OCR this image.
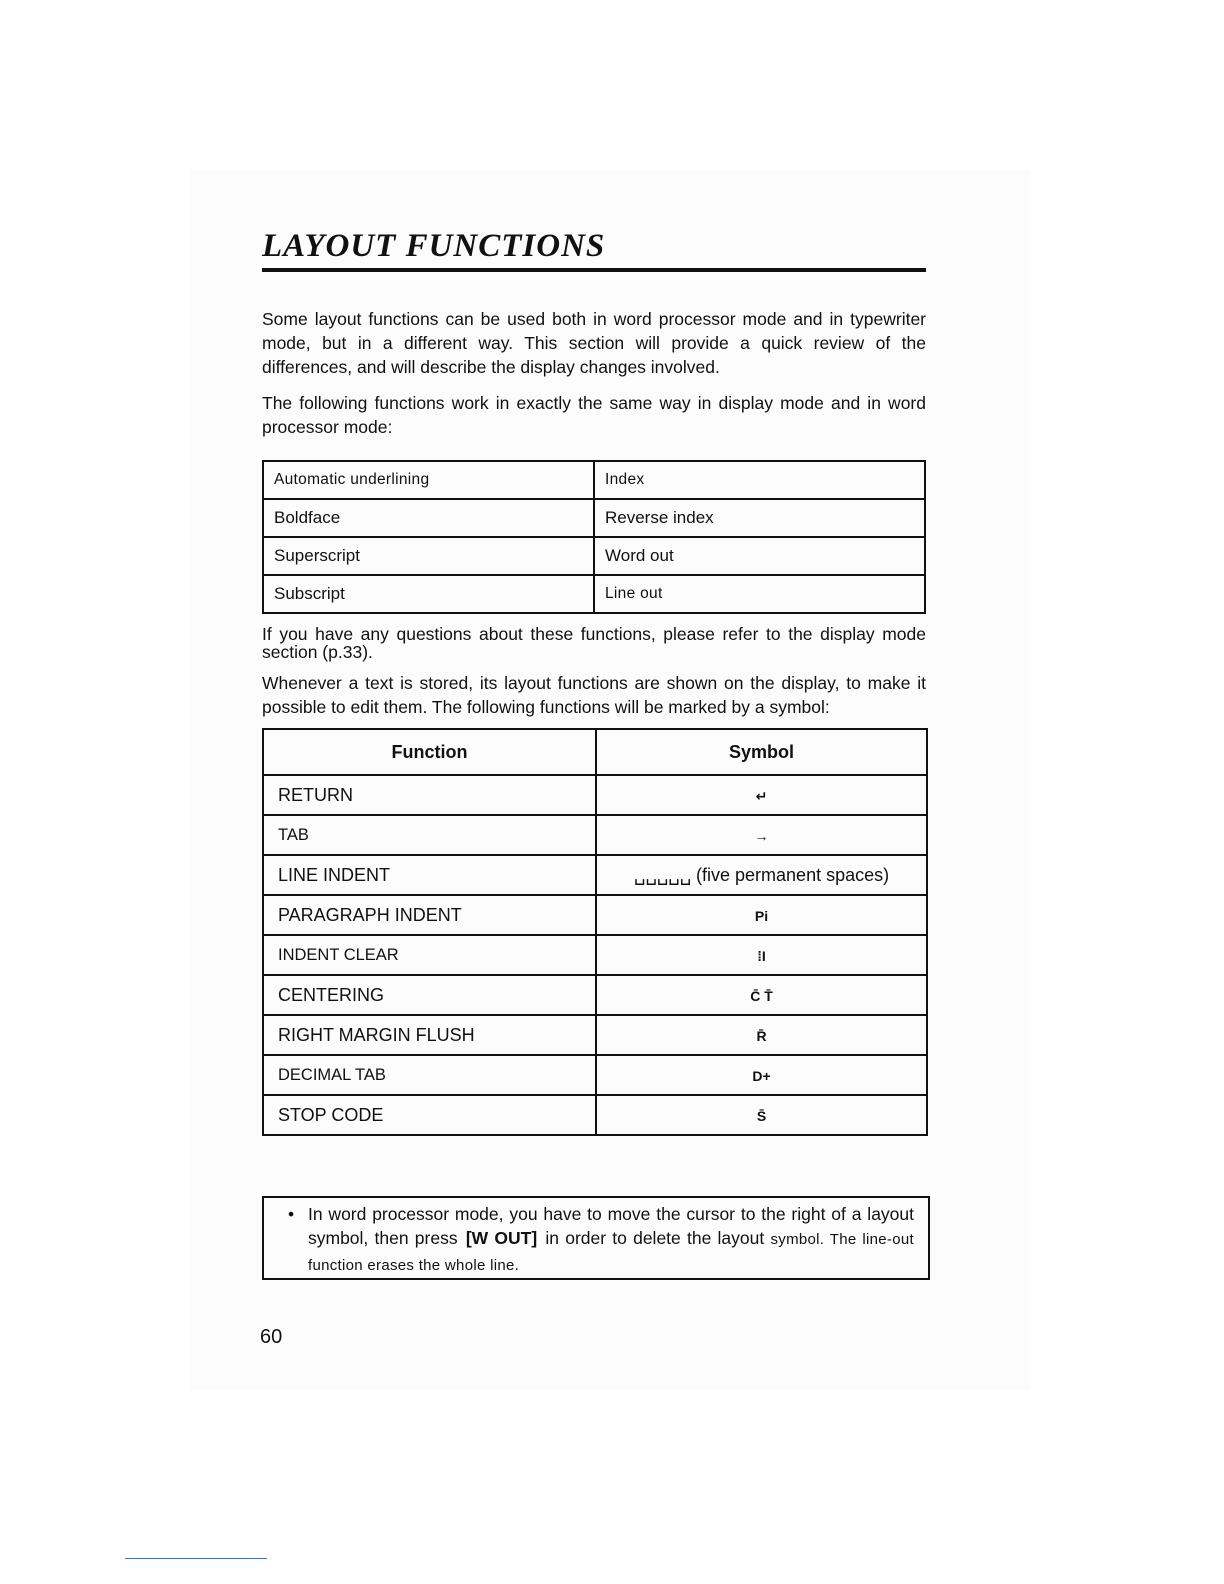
LAYOUT FUNCTIONS

Some layout functions can be used both in word processor mode and in typewriter mode, but in a different way. This section will provide a quick review of the differences, and will describe the display changes involved.

The following functions work in exactly the same way in display mode and in word processor mode:

Automatic underlining	Index
Boldface	Reverse index
Superscript	Word out
Subscript	Line out

If you have any questions about these functions, please refer to the display mode section (p.33).

Whenever a text is stored, its layout functions are shown on the display, to make it possible to edit them. The following functions will be marked by a symbol:

Function	Symbol
RETURN	↵
TAB	→
LINE INDENT	␣␣␣␣␣ (five permanent spaces)
PARAGRAPH INDENT	Pi
INDENT CLEAR	⁞I
CENTERING	C̄ T̄
RIGHT MARGIN FLUSH	R̄
DECIMAL TAB	D+
STOP CODE	S̄
• In word processor mode, you have to move the cursor to the right of a layout symbol, then press [W OUT] in order to delete the layout symbol. The line-out function erases the whole line.
60
